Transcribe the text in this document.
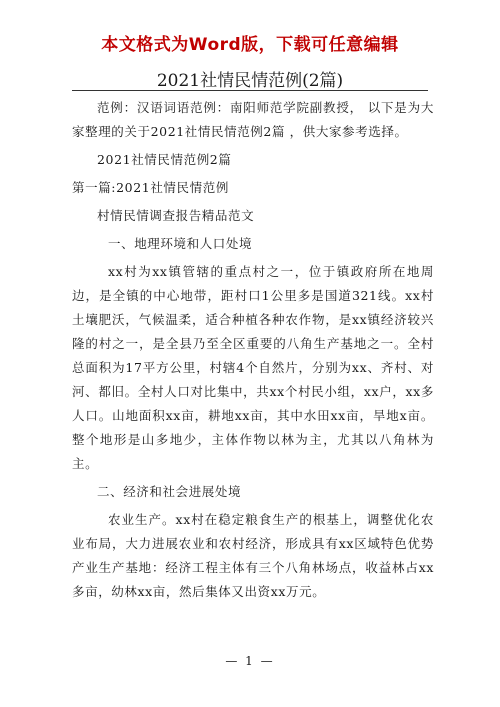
本文格式为Word版，下载可任意编辑
2021社情民情范例(2篇)

范例：汉语词语范例：南阳师范学院副教授， 以下是为大家整理的关于2021社情民情范例2篇 ，供大家参考选择。

2021社情民情范例2篇

第一篇:2021社情民情范例

村情民情调查报告精品范文

一、地理环境和人口处境

xx村为xx镇管辖的重点村之一，位于镇政府所在地周边，是全镇的中心地带，距村口1公里多是国道321线。xx村土壤肥沃，气候温柔，适合种植各种农作物，是xx镇经济较兴隆的村之一，是全县乃至全区重要的八角生产基地之一。全村总面积为17平方公里，村辖4个自然片，分别为xx、齐村、对河、都旧。全村人口对比集中，共xx个村民小组，xx户，xx多人口。山地面积xx亩，耕地xx亩，其中水田xx亩，旱地x亩。整个地形是山多地少，主体作物以林为主，尤其以八角林为主。

二、经济和社会进展处境

农业生产。xx村在稳定粮食生产的根基上，调整优化农业布局，大力进展农业和农村经济，形成具有xx区域特色优势产业生产基地：经济工程主体有三个八角林场点，收益林占xx多亩，幼林xx亩，然后集体又出资xx万元。

— 1 —
